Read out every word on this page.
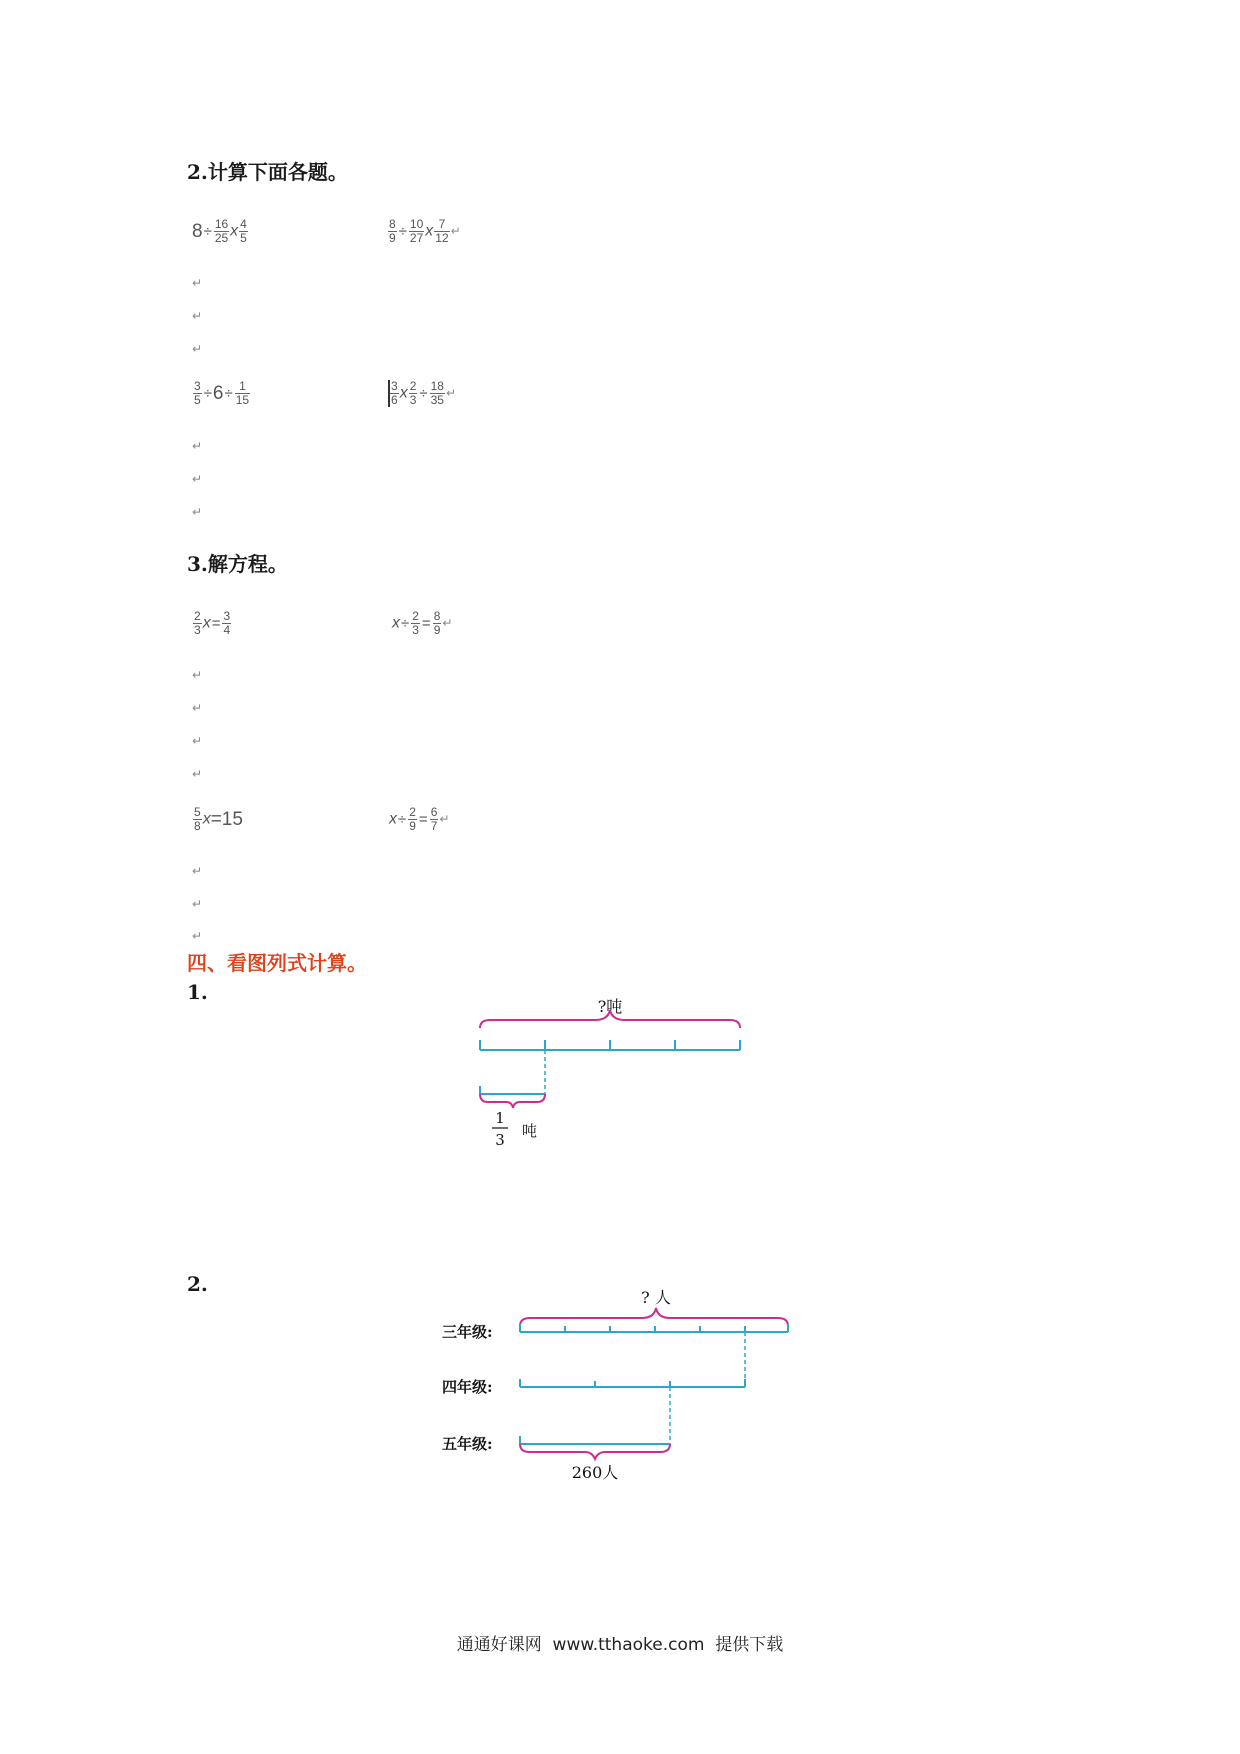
2.计算下面各题。
$8\div \frac{16}{25}$ x $\frac{4}{5}$	$\frac{8}{9} \div \frac{10}{27}$ x $\frac{7}{12}$ ↵
↵
↵
↵
$\frac{3}{5} \div 6\div \frac{1}{15}$	$\frac{3}{6}$ x $\frac{2}{3} \div \frac{18}{35}$ ↵
↵
↵
↵
3.解方程。
$\frac{2}{3} x= \frac{3}{4}$	$x\div \frac{2}{3} = \frac{8}{9}$ ↵
↵
↵
↵
↵
$\frac{5}{8} x=15$	$x\div \frac{2}{9} = \frac{6}{7}$ ↵
↵
↵
↵
四、看图列式计算。
1.
?吨
1
3 吨
2.
? 人
三年级:
四年级:
五年级:
260人
通通好课网  www.tthaoke.com  提供下载
